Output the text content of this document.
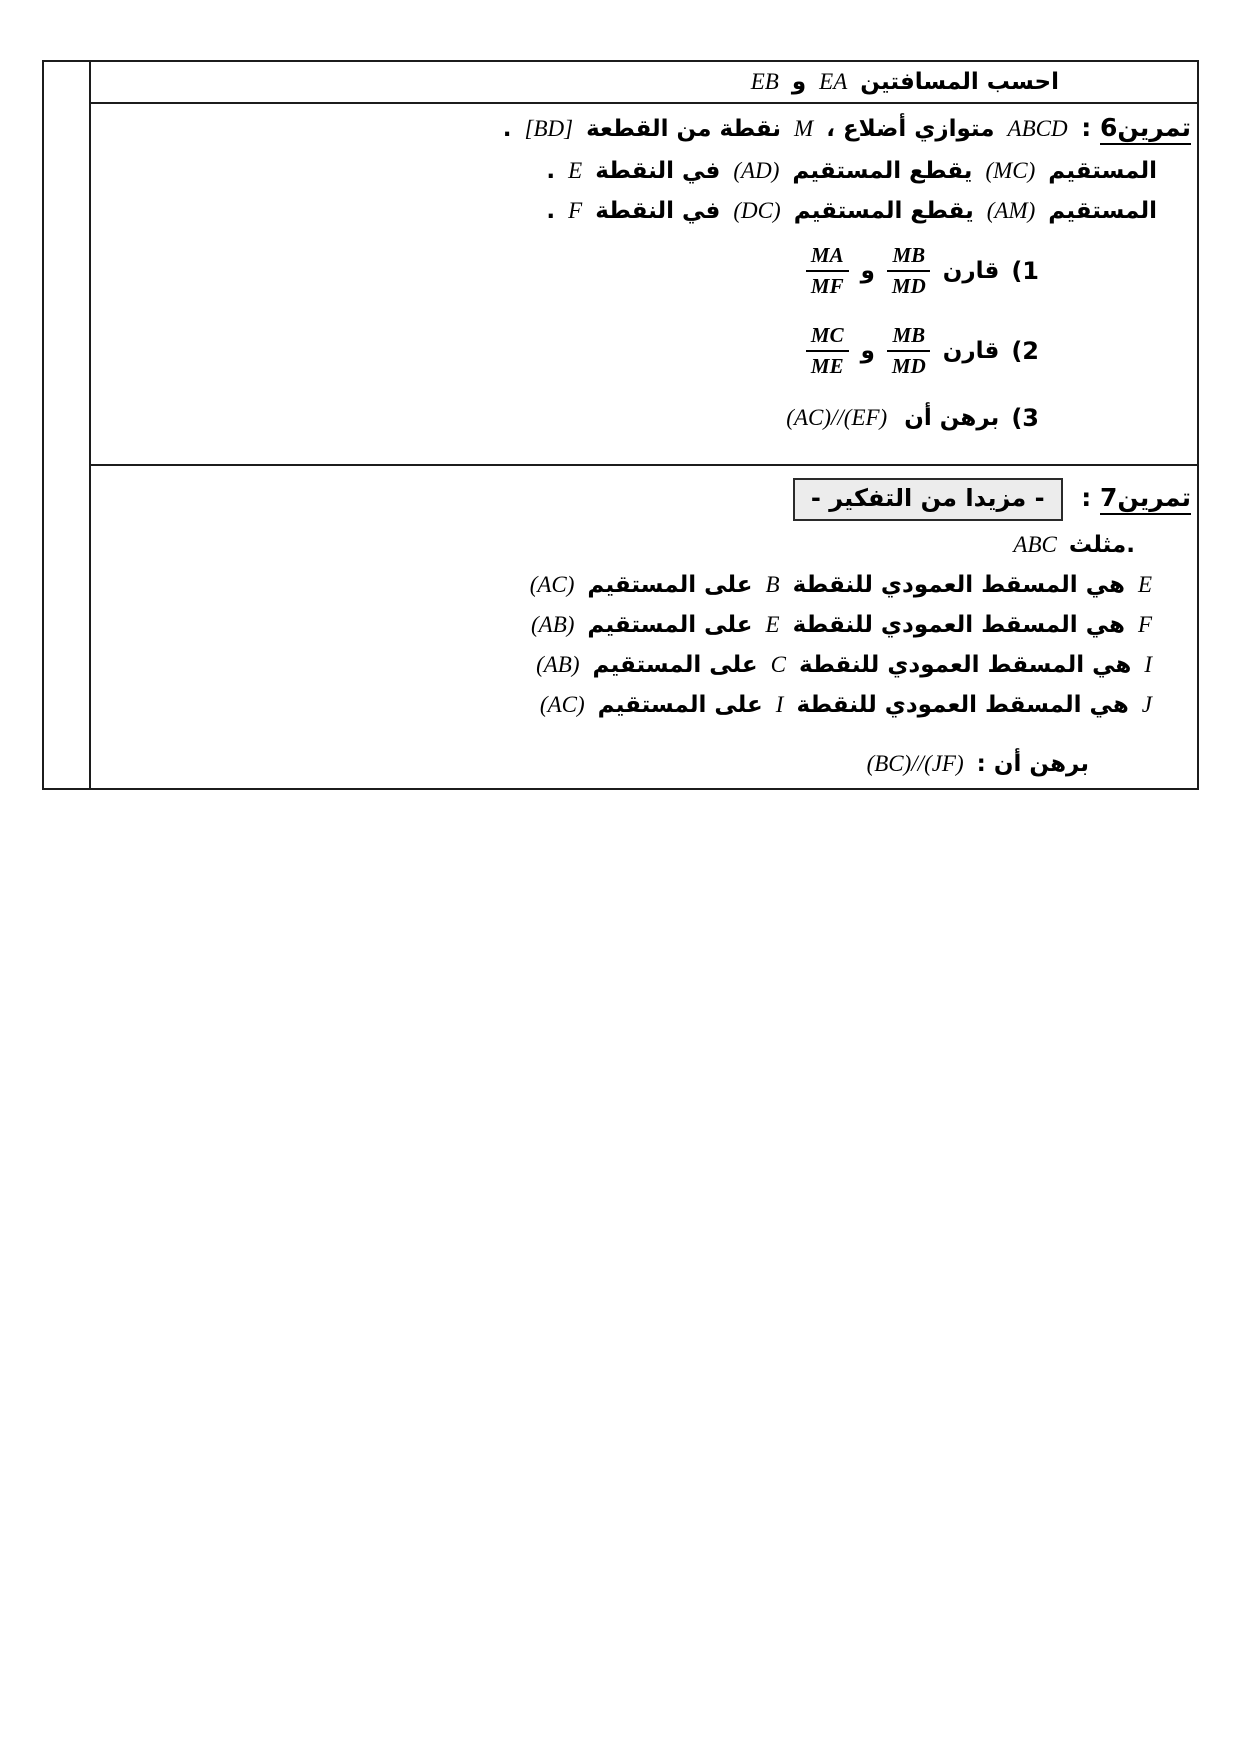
احسب المسافتين EA و EB
تمرين6 : ABCD متوازي أضلاع ، M نقطة من القطعة [BD] .
المستقيم (MC) يقطع المستقيم (AD) في النقطة E .
المستقيم (AM) يقطع المستقيم (DC) في النقطة F .
(1
قارن
$\frac{MB}{MD}$
و
$\frac{MA}{MF}$
(2
قارن
$\frac{MB}{MD}$
و
$\frac{MC}{ME}$
(3
برهن أن
(AC)//(EF)
تمرين7 : - مزيدا من التفكير -
ABC مثلث.
E هي المسقط العمودي للنقطة B على المستقيم (AC)
F هي المسقط العمودي للنقطة E على المستقيم (AB)
I هي المسقط العمودي للنقطة C على المستقيم (AB)
J هي المسقط العمودي للنقطة I على المستقيم (AC)
برهن أن : (BC)//(JF)
